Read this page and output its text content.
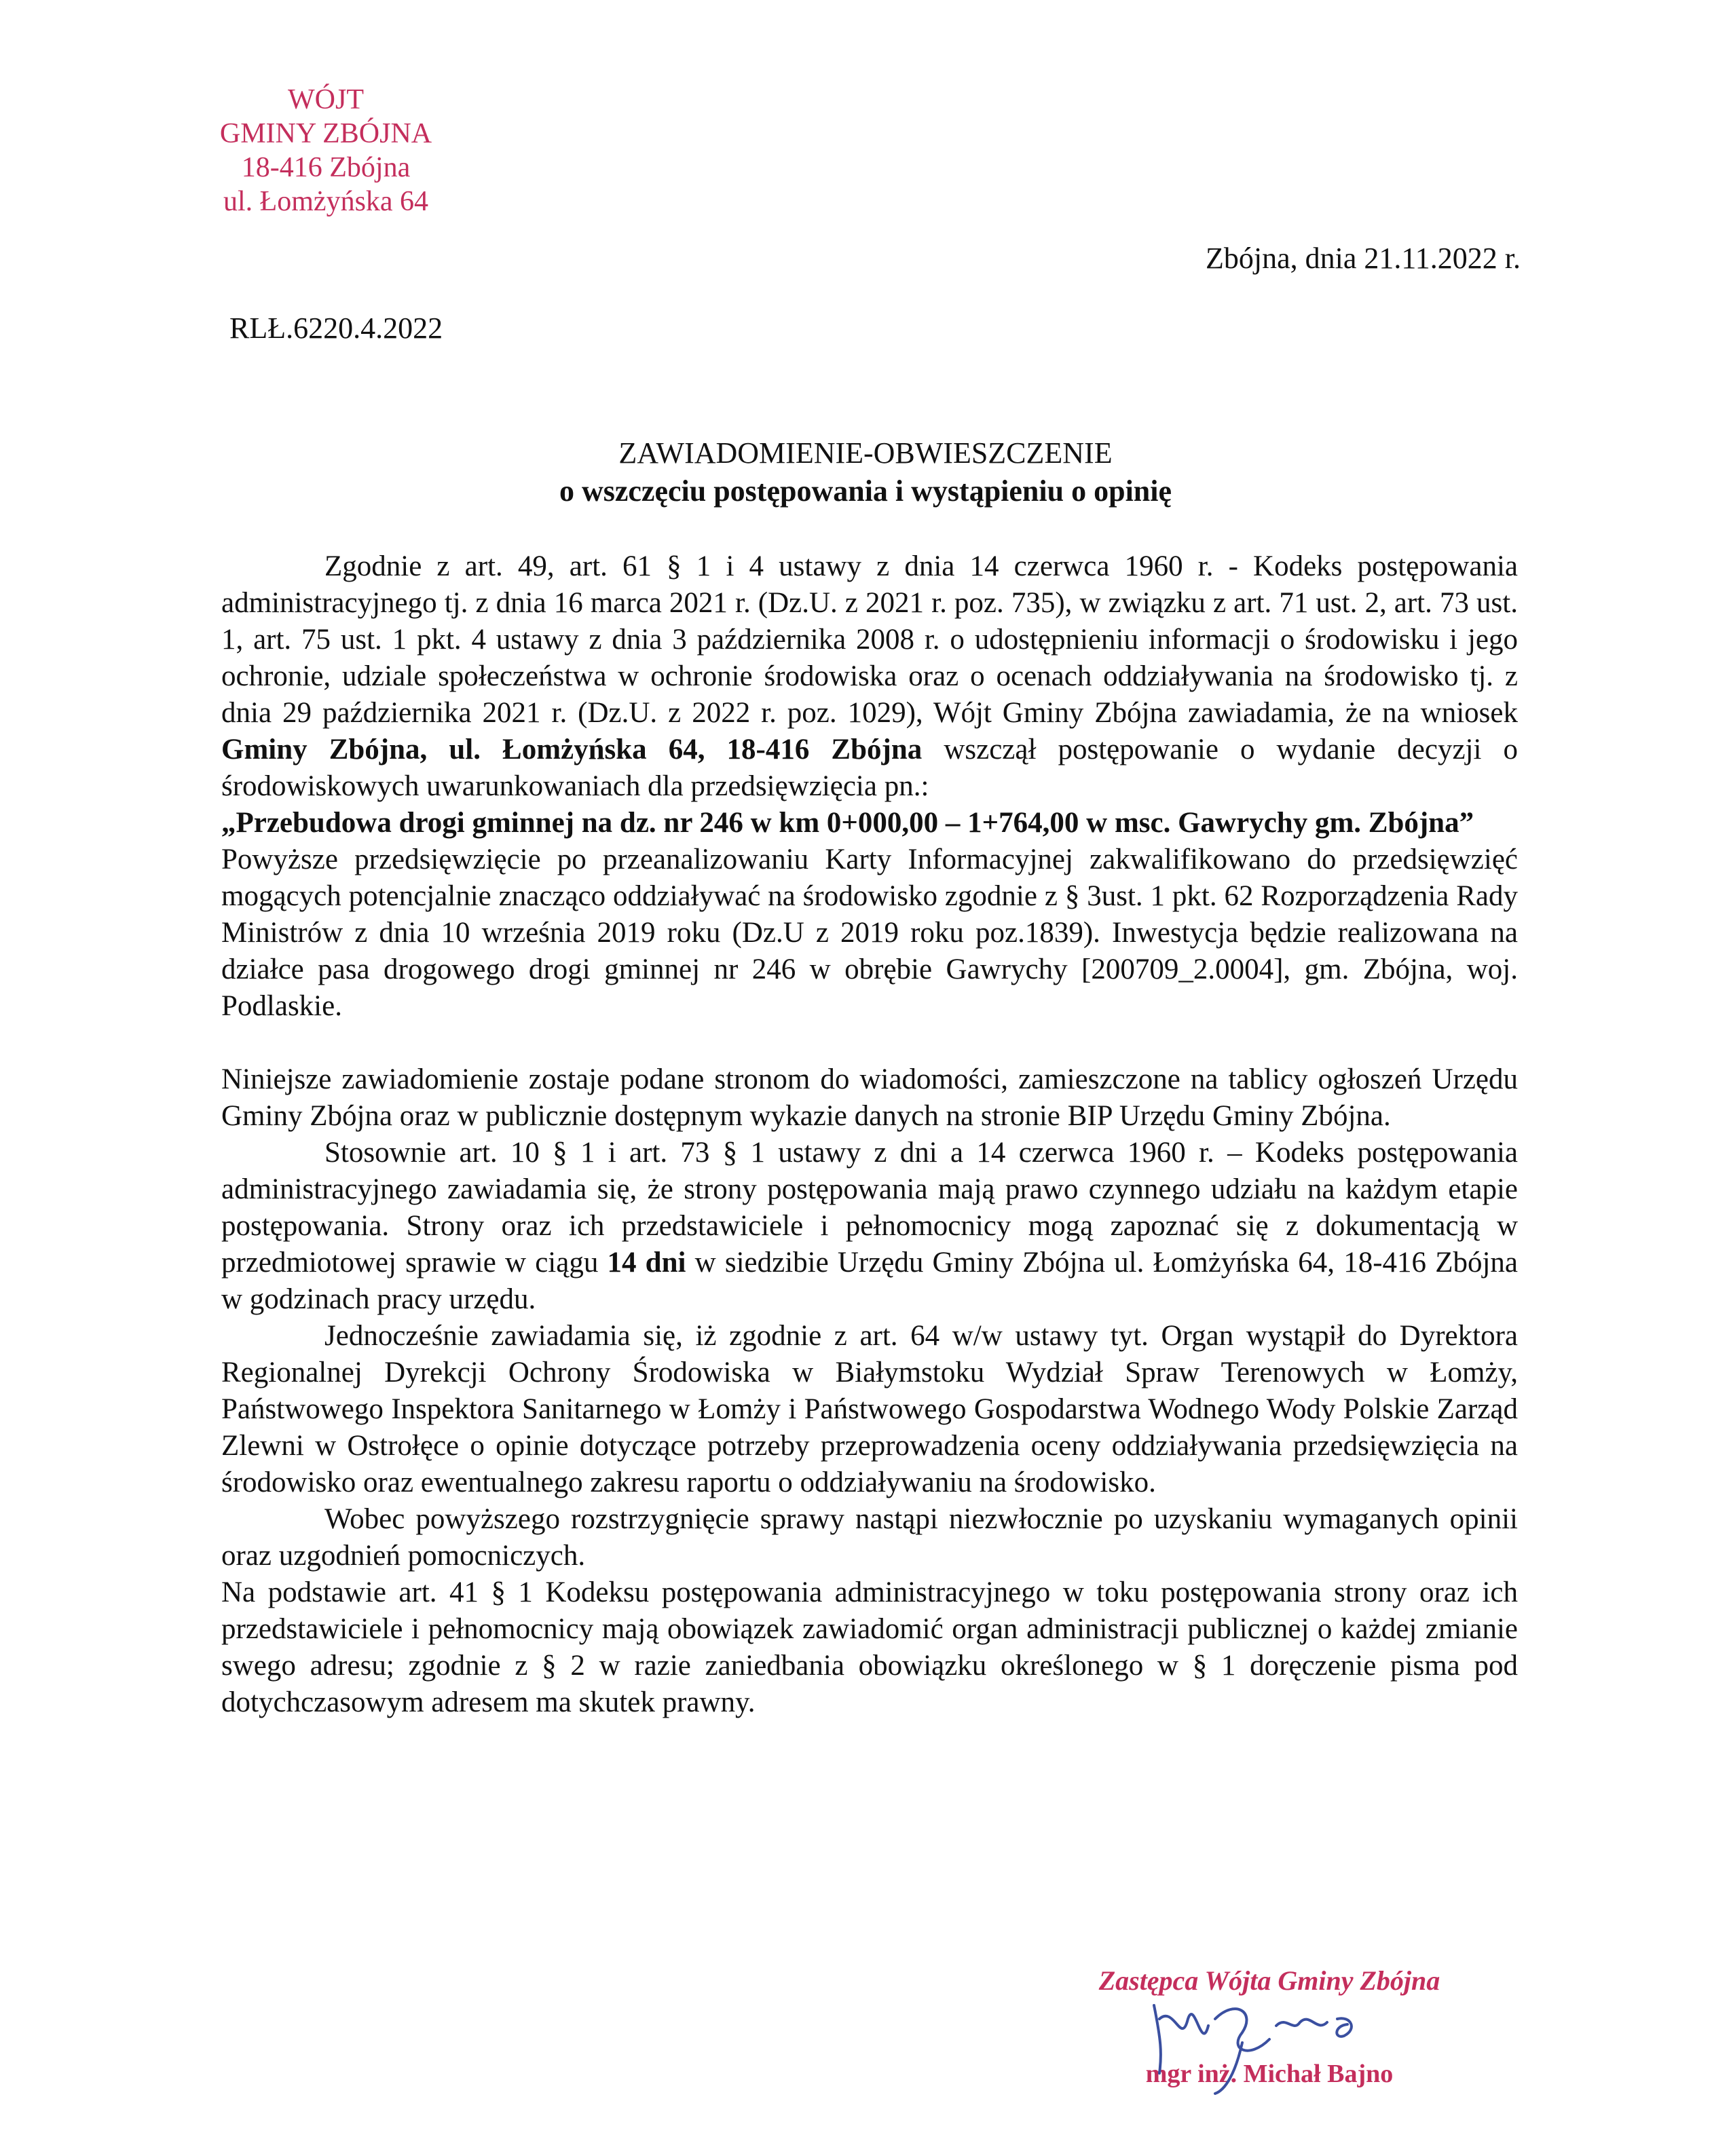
WÓJT
GMINY ZBÓJNA
18-416 Zbójna
ul. Łomżyńska 64
Zbójna, dnia 21.11.2022 r.
RLŁ.6220.4.2022
ZAWIADOMIENIE-OBWIESZCZENIE
o wszczęciu postępowania i wystąpieniu o opinię

Zgodnie z art. 49, art. 61 § 1 i 4 ustawy z dnia 14 czerwca 1960 r. - Kodeks postępowania administracyjnego tj. z dnia 16 marca 2021 r. (Dz.U. z 2021 r. poz. 735), w związku z art. 71 ust. 2, art. 73 ust. 1, art. 75 ust. 1 pkt. 4 ustawy z dnia 3 października 2008 r. o udostępnieniu informacji o środowisku i jego ochronie, udziale społeczeństwa w ochronie środowiska oraz o ocenach oddziaływania na środowisko tj. z dnia 29 października 2021 r. (Dz.U. z 2022 r. poz. 1029), Wójt Gminy Zbójna zawiadamia, że na wniosek Gminy Zbójna, ul. Łomżyńska 64, 18-416 Zbójna wszczął postępowanie o wydanie decyzji o środowiskowych uwarunkowaniach dla przedsięwzięcia pn.:

„Przebudowa drogi gminnej na dz. nr 246 w km 0+000,00 – 1+764,00 w msc. Gawrychy gm. Zbójna”

Powyższe przedsięwzięcie po przeanalizowaniu Karty Informacyjnej zakwalifikowano do przedsięwzięć mogących potencjalnie znacząco oddziaływać na środowisko zgodnie z § 3ust. 1 pkt. 62 Rozporządzenia Rady Ministrów z dnia 10 września 2019 roku (Dz.U z 2019 roku poz.1839). Inwestycja będzie realizowana na działce pasa drogowego drogi gminnej nr 246 w obrębie Gawrychy [200709_2.0004], gm. Zbójna, woj. Podlaskie.

Niniejsze zawiadomienie zostaje podane stronom do wiadomości, zamieszczone na tablicy ogłoszeń Urzędu Gminy Zbójna oraz w publicznie dostępnym wykazie danych na stronie BIP Urzędu Gminy Zbójna.

Stosownie art. 10 § 1 i art. 73 § 1 ustawy z dni a 14 czerwca 1960 r. – Kodeks postępowania administracyjnego zawiadamia się, że strony postępowania mają prawo czynnego udziału na każdym etapie postępowania. Strony oraz ich przedstawiciele i pełnomocnicy mogą zapoznać się z dokumentacją w przedmiotowej sprawie w ciągu 14 dni w siedzibie Urzędu Gminy Zbójna ul. Łomżyńska 64, 18-416 Zbójna w godzinach pracy urzędu.

Jednocześnie zawiadamia się, iż zgodnie z art. 64 w/w ustawy tyt. Organ wystąpił do Dyrektora Regionalnej Dyrekcji Ochrony Środowiska w Białymstoku Wydział Spraw Terenowych w Łomży, Państwowego Inspektora Sanitarnego w Łomży i Państwowego Gospodarstwa Wodnego Wody Polskie Zarząd Zlewni w Ostrołęce o opinie dotyczące potrzeby przeprowadzenia oceny oddziaływania przedsięwzięcia na środowisko oraz ewentualnego zakresu raportu o oddziaływaniu na środowisko.

Wobec powyższego rozstrzygnięcie sprawy nastąpi niezwłocznie po uzyskaniu wymaganych opinii oraz uzgodnień pomocniczych.

Na podstawie art. 41 § 1 Kodeksu postępowania administracyjnego w toku postępowania strony oraz ich przedstawiciele i pełnomocnicy mają obowiązek zawiadomić organ administracji publicznej o każdej zmianie swego adresu; zgodnie z § 2 w razie zaniedbania obowiązku określonego w § 1 doręczenie pisma pod dotychczasowym adresem ma skutek prawny.

Zastępca Wójta Gminy Zbójna
mgr inż. Michał Bajno
